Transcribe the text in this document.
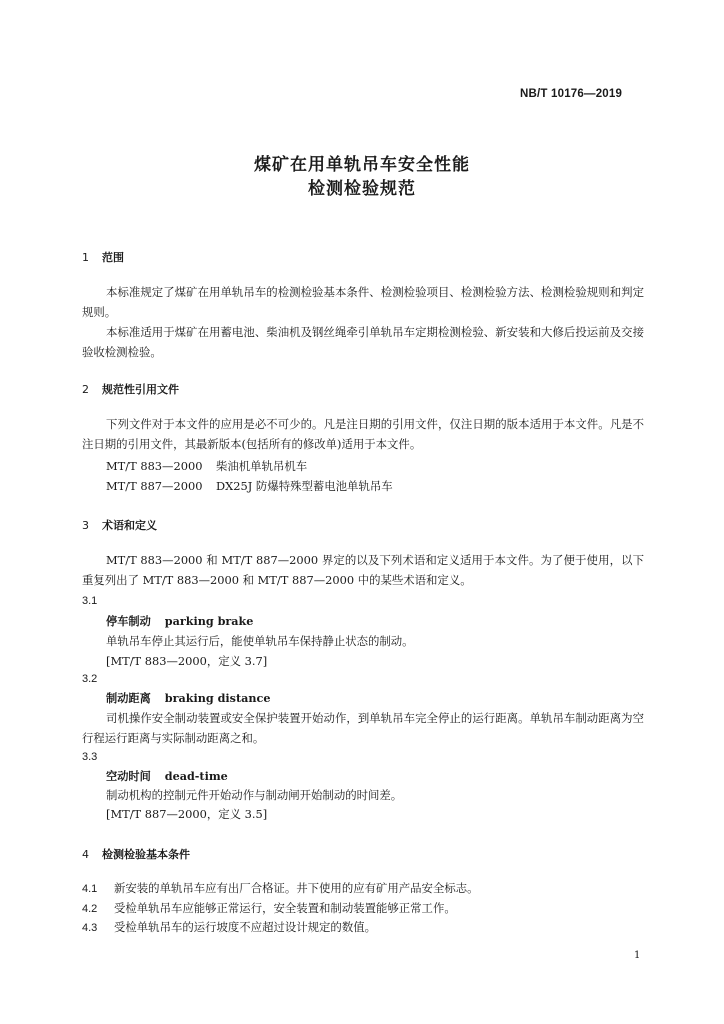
NB/T 10176—2019
煤矿在用单轨吊车安全性能
检测检验规范
1 范围
本标准规定了煤矿在用单轨吊车的检测检验基本条件、检测检验项目、检测检验方法、检测检验规则和判定规则。
本标准适用于煤矿在用蓄电池、柴油机及钢丝绳牵引单轨吊车定期检测检验、新安装和大修后投运前及交接验收检测检验。
2 规范性引用文件
下列文件对于本文件的应用是必不可少的。凡是注日期的引用文件，仅注日期的版本适用于本文件。凡是不注日期的引用文件，其最新版本(包括所有的修改单)适用于本文件。
MT/T 883—2000 柴油机单轨吊机车
MT/T 887—2000 DX25J 防爆特殊型蓄电池单轨吊车
3 术语和定义
MT/T 883—2000 和 MT/T 887—2000 界定的以及下列术语和定义适用于本文件。为了便于使用，以下重复列出了 MT/T 883—2000 和 MT/T 887—2000 中的某些术语和定义。
3.1
停车制动 parking brake
单轨吊车停止其运行后，能使单轨吊车保持静止状态的制动。
[MT/T 883—2000，定义 3.7]
3.2
制动距离 braking distance
司机操作安全制动装置或安全保护装置开始动作，到单轨吊车完全停止的运行距离。单轨吊车制动距离为空行程运行距离与实际制动距离之和。
3.3
空动时间 dead-time
制动机构的控制元件开始动作与制动闸开始制动的时间差。
[MT/T 887—2000，定义 3.5]
4 检测检验基本条件
4.1 新安装的单轨吊车应有出厂合格证。井下使用的应有矿用产品安全标志。
4.2 受检单轨吊车应能够正常运行，安全装置和制动装置能够正常工作。
4.3 受检单轨吊车的运行坡度不应超过设计规定的数值。
1
